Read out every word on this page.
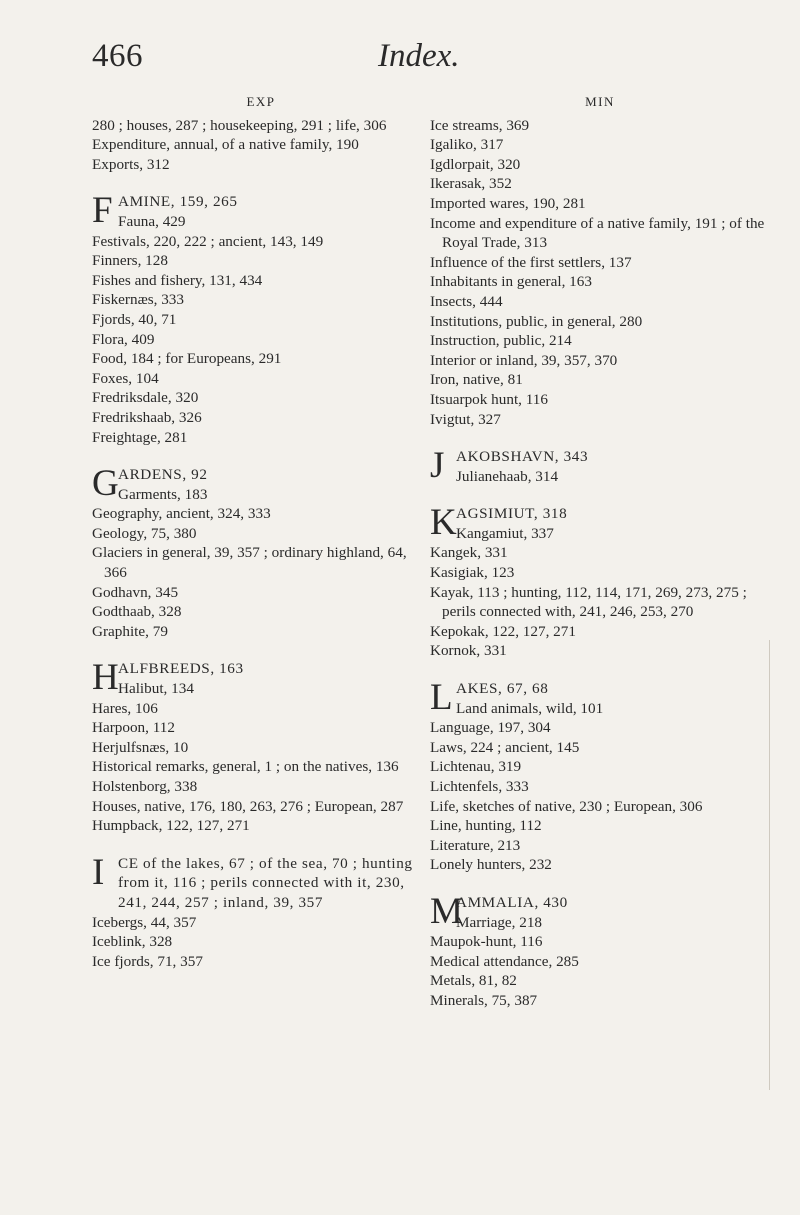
466	Index.
EXP
280 ; houses, 287 ; housekeeping, 291 ; life, 306
Expenditure, annual, of a native family, 190
Exports, 312
F AMINE, 159, 265
Fauna, 429
Festivals, 220, 222 ; ancient, 143, 149
Finners, 128
Fishes and fishery, 131, 434
Fiskernæs, 333
Fjords, 40, 71
Flora, 409
Food, 184 ; for Europeans, 291
Foxes, 104
Fredriksdale, 320
Fredrikshaab, 326
Freightage, 281
G ARDENS, 92
Garments, 183
Geography, ancient, 324, 333
Geology, 75, 380
Glaciers in general, 39, 357 ; ordinary highland, 64, 366
Godhavn, 345
Godthaab, 328
Graphite, 79
H ALFBREEDS, 163
Halibut, 134
Hares, 106
Harpoon, 112
Herjulfsnæs, 10
Historical remarks, general, 1 ; on the natives, 136
Holstenborg, 338
Houses, native, 176, 180, 263, 276 ; European, 287
Humpback, 122, 127, 271
I CE of the lakes, 67 ; of the sea, 70 ; hunting from it, 116 ; perils connected with it, 230, 241, 244, 257 ; inland, 39, 357
Icebergs, 44, 357
Iceblink, 328
Ice fjords, 71, 357
MIN
Ice streams, 369
Igaliko, 317
Igdlorpait, 320
Ikerasak, 352
Imported wares, 190, 281
Income and expenditure of a native family, 191 ; of the Royal Trade, 313
Influence of the first settlers, 137
Inhabitants in general, 163
Insects, 444
Institutions, public, in general, 280
Instruction, public, 214
Interior or inland, 39, 357, 370
Iron, native, 81
Itsuarpok hunt, 116
Ivigtut, 327
J AKOBSHAVN, 343
Julianehaab, 314
K AGSIMIUT, 318
Kangamiut, 337
Kangek, 331
Kasigiak, 123
Kayak, 113 ; hunting, 112, 114, 171, 269, 273, 275 ; perils connected with, 241, 246, 253, 270
Kepokak, 122, 127, 271
Kornok, 331
L AKES, 67, 68
Land animals, wild, 101
Language, 197, 304
Laws, 224 ; ancient, 145
Lichtenau, 319
Lichtenfels, 333
Life, sketches of native, 230 ; European, 306
Line, hunting, 112
Literature, 213
Lonely hunters, 232
M
AMMALIA, 430
Marriage, 218
Maupok-hunt, 116
Medical attendance, 285
Metals, 81, 82
Minerals, 75, 387
